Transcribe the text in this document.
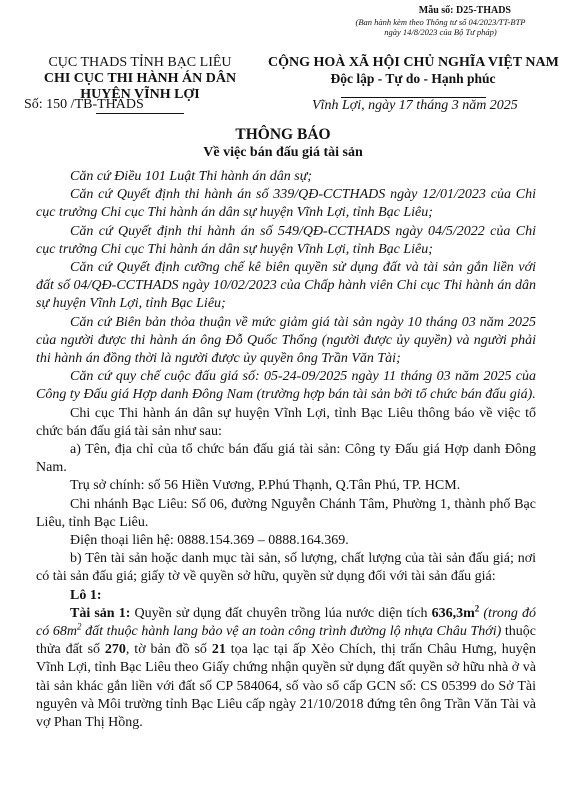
Mẫu số: D25-THADS
(Ban hành kèm theo Thông tư số 04/2023/TT-BTP
ngày 14/8/2023 của Bộ Tư pháp)
CỤC THADS TỈNH BẠC LIÊU
CHI CỤC THI HÀNH ÁN DÂN
HUYỆN VĨNH LỢI
CỘNG HOÀ XÃ HỘI CHỦ NGHĨA VIỆT NAM
Độc lập - Tự do - Hạnh phúc
Số: 150 /TB-THADS	Vĩnh Lợi, ngày 17 tháng 3 năm 2025
THÔNG BÁO
Về việc bán đấu giá tài sản

Căn cứ Điều 101 Luật Thi hành án dân sự;

Căn cứ Quyết định thi hành án số 339/QĐ-CCTHADS ngày 12/01/2023 của Chi cục trưởng Chi cục Thi hành án dân sự huyện Vĩnh Lợi, tỉnh Bạc Liêu;

Căn cứ Quyết định thi hành án số 549/QĐ-CCTHADS ngày 04/5/2022 của Chi cục trưởng Chi cục Thi hành án dân sự huyện Vĩnh Lợi, tỉnh Bạc Liêu;

Căn cứ Quyết định cưỡng chế kê biên quyền sử dụng đất và tài sản gắn liền với đất số 04/QĐ-CCTHADS ngày 10/02/2023 của Chấp hành viên Chi cục Thi hành án dân sự huyện Vĩnh Lợi, tỉnh Bạc Liêu;

Căn cứ Biên bản thỏa thuận về mức giảm giá tài sản ngày 10 tháng 03 năm 2025 của người được thi hành án ông Đỗ Quốc Thống (người được ủy quyền) và người phải thi hành án đồng thời là người được ủy quyền ông Trần Văn Tài;

Căn cứ quy chế cuộc đấu giá số: 05-24-09/2025 ngày 11 tháng 03 năm 2025 của Công ty Đấu giá Hợp danh Đông Nam (trường hợp bán tài sản bởi tổ chức bán đấu giá).

Chi cục Thi hành án dân sự huyện Vĩnh Lợi, tỉnh Bạc Liêu thông báo về việc tổ chức bán đấu giá tài sản như sau:

a) Tên, địa chỉ của tổ chức bán đấu giá tài sản: Công ty Đấu giá Hợp danh Đông Nam.

Trụ sở chính: số 56 Hiền Vương, P.Phú Thạnh, Q.Tân Phú, TP. HCM.

Chi nhánh Bạc Liêu: Số 06, đường Nguyễn Chánh Tâm, Phường 1, thành phố Bạc Liêu, tỉnh Bạc Liêu.

Điện thoại liên hệ: 0888.154.369 – 0888.164.369.

b) Tên tài sản hoặc danh mục tài sản, số lượng, chất lượng của tài sản đấu giá; nơi có tài sản đấu giá; giấy tờ về quyền sở hữu, quyền sử dụng đối với tài sản đấu giá:

Lô 1:

Tài sản 1: Quyền sử dụng đất chuyên trồng lúa nước diện tích $636,3m^2$ (trong đó có $68m^2$ đất thuộc hành lang bảo vệ an toàn công trình đường lộ nhựa Châu Thới) thuộc thửa đất số 270, tờ bản đồ số 21 tọa lạc tại ấp Xẻo Chích, thị trấn Châu Hưng, huyện Vĩnh Lợi, tỉnh Bạc Liêu theo Giấy chứng nhận quyền sử dụng đất quyền sở hữu nhà ở và tài sản khác gắn liền với đất số CP 584064, số vào sổ cấp GCN số: CS 05399 do Sở Tài nguyên và Môi trường tỉnh Bạc Liêu cấp ngày 21/10/2018 đứng tên ông Trần Văn Tài và vợ Phan Thị Hồng.
